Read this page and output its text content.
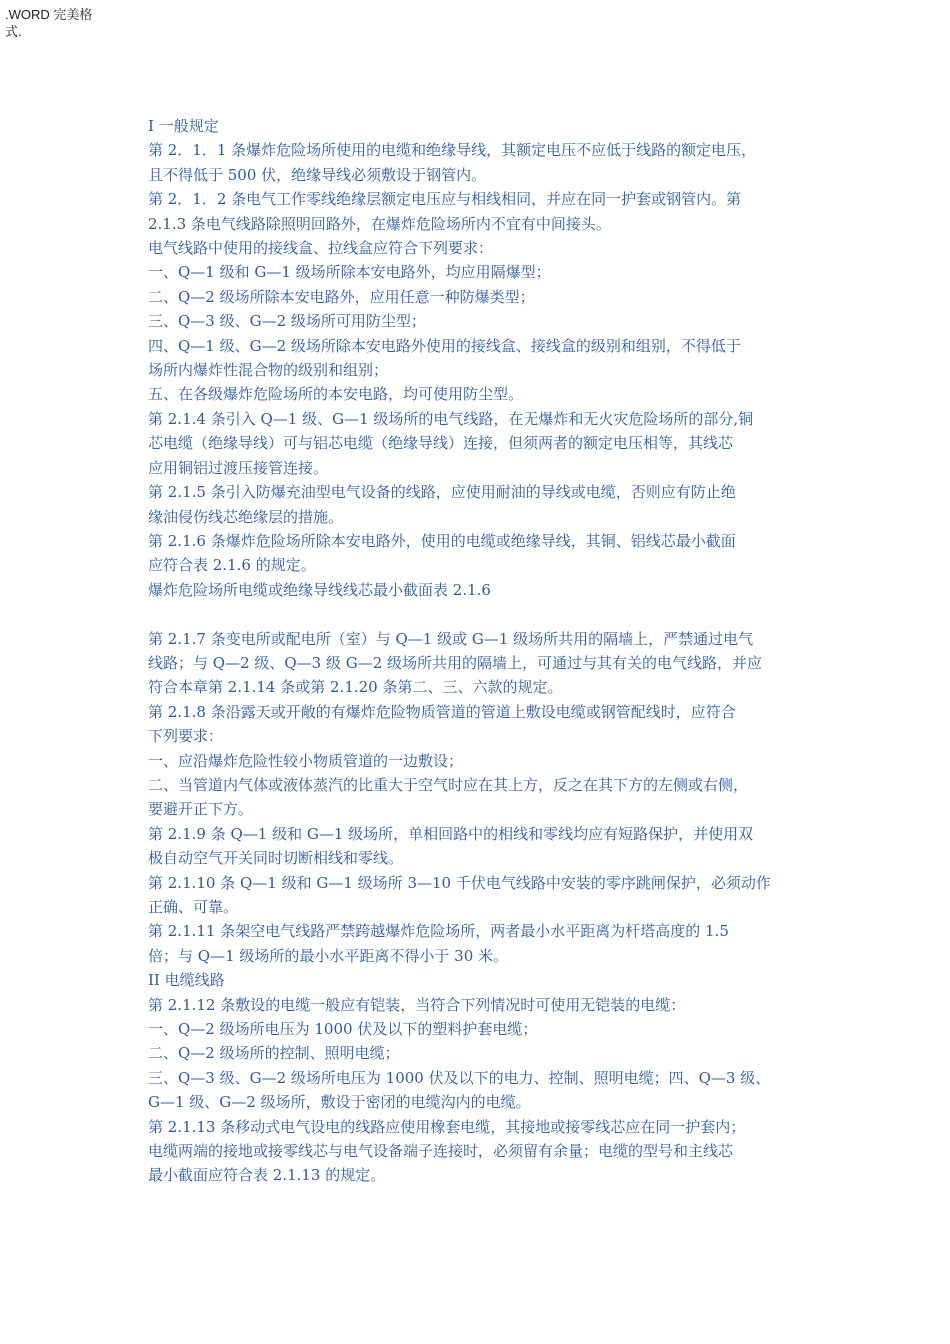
.WORD 完美格
式.

I 一般规定

第 2．1．1 条爆炸危险场所使用的电缆和绝缘导线，其额定电压不应低于线路的额定电压，

且不得低于 500 伏，绝缘导线必须敷设于钢管内。

第 2．1．2 条电气工作零线绝缘层额定电压应与相线相同，并应在同一护套或钢管内。第

2.1.3 条电气线路除照明回路外，在爆炸危险场所内不宜有中间接头。

电气线路中使用的接线盒、拉线盒应符合下列要求：

一、Q—1 级和 G—1 级场所除本安电路外，均应用隔爆型；

二、Q—2 级场所除本安电路外，应用任意一种防爆类型；

三、Q—3 级、G—2 级场所可用防尘型；

四、Q—1 级、G—2 级场所除本安电路外使用的接线盒、接线盒的级别和组别，不得低于

场所内爆炸性混合物的级别和组别；

五、在各级爆炸危险场所的本安电路，均可使用防尘型。

第 2.1.4 条引入 Q—1 级、G—1 级场所的电气线路，在无爆炸和无火灾危险场所的部分,铜

芯电缆（绝缘导线）可与铝芯电缆（绝缘导线）连接，但须两者的额定电压相等，其线芯

应用铜铝过渡压接管连接。

第 2.1.5 条引入防爆充油型电气设备的线路，应使用耐油的导线或电缆，否则应有防止绝

缘油侵伤线芯绝缘层的措施。

第 2.1.6 条爆炸危险场所除本安电路外，使用的电缆或绝缘导线，其铜、铝线芯最小截面

应符合表 2.1.6 的规定。

爆炸危险场所电缆或绝缘导线线芯最小截面表 2.1.6

第 2.1.7 条变电所或配电所（室）与 Q—1 级或 G—1 级场所共用的隔墙上，严禁通过电气

线路；与 Q—2 级、Q—3 级 G—2 级场所共用的隔墙上，可通过与其有关的电气线路，并应

符合本章第 2.1.14 条或第 2.1.20 条第二、三、六款的规定。

第 2.1.8 条沿露天或开敞的有爆炸危险物质管道的管道上敷设电缆或钢管配线时，应符合

下列要求：

一、应沿爆炸危险性较小物质管道的一边敷设；

二、当管道内气体或液体蒸汽的比重大于空气时应在其上方，反之在其下方的左侧或右侧，

要避开正下方。

第 2.1.9 条 Q—1 级和 G—1 级场所，单相回路中的相线和零线均应有短路保护，并使用双

极自动空气开关同时切断相线和零线。

第 2.1.10 条 Q—1 级和 G—1 级场所 3—10 千伏电气线路中安装的零序跳闸保护，必须动作

正确、可靠。

第 2.1.11 条架空电气线路严禁跨越爆炸危险场所，两者最小水平距离为杆塔高度的 1.5

倍；与 Q—1 级场所的最小水平距离不得小于 30 米。

II 电缆线路

第 2.1.12 条敷设的电缆一般应有铠装，当符合下列情况时可使用无铠装的电缆：

一、Q—2 级场所电压为 1000 伏及以下的塑料护套电缆；

二、Q—2 级场所的控制、照明电缆；

三、Q—3 级、G—2 级场所电压为 1000 伏及以下的电力、控制、照明电缆；四、Q—3 级、

G—1 级、G—2 级场所，敷设于密闭的电缆沟内的电缆。

第 2.1.13 条移动式电气设电的线路应使用橡套电缆，其接地或接零线芯应在同一护套内；

电缆两端的接地或接零线芯与电气设备端子连接时，必须留有余量；电缆的型号和主线芯

最小截面应符合表 2.1.13 的规定。
